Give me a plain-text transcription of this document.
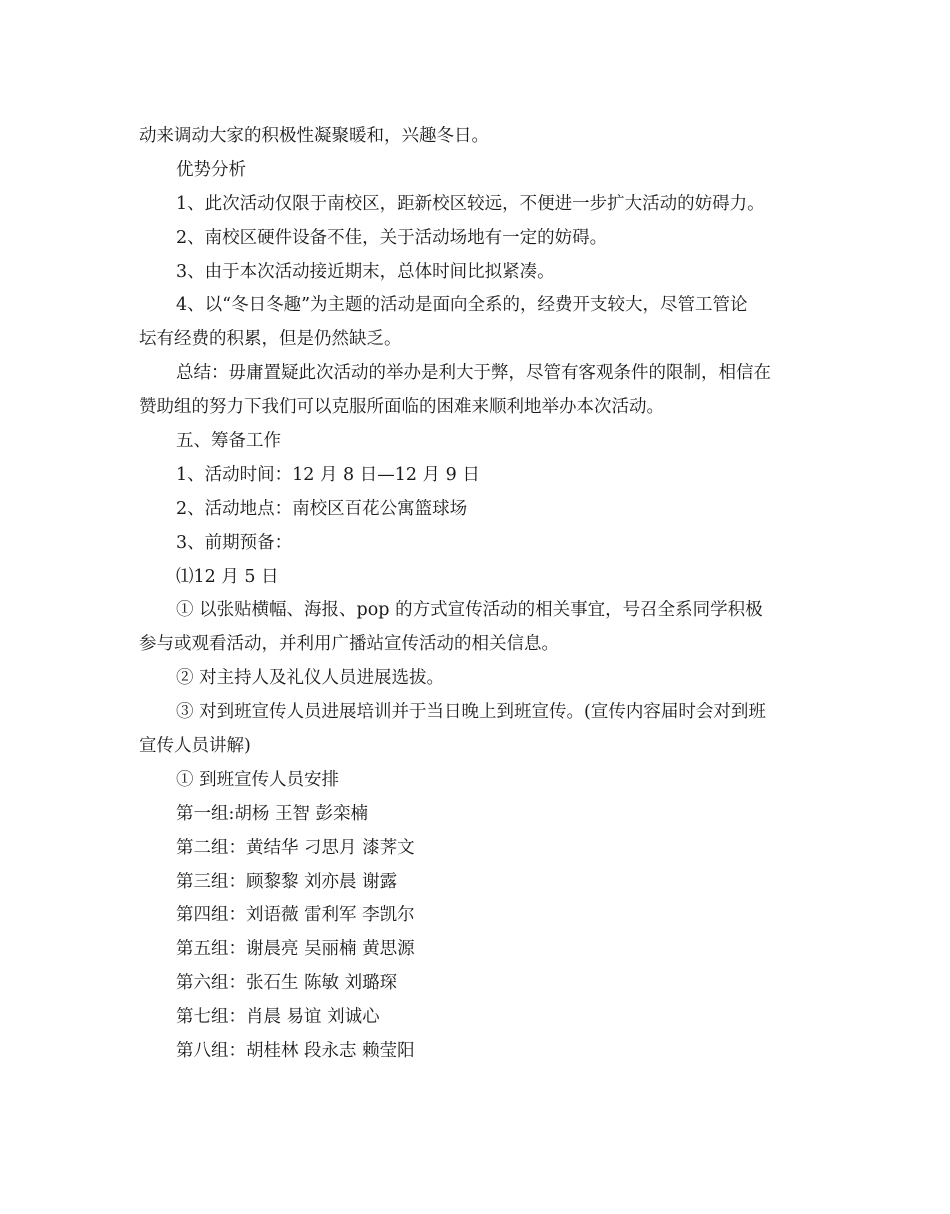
动来调动大家的积极性凝聚暖和，兴趣冬日。
优势分析
1、此次活动仅限于南校区，距新校区较远，不便进一步扩大活动的妨碍力。
2、南校区硬件设备不佳，关于活动场地有一定的妨碍。
3、由于本次活动接近期末，总体时间比拟紧凑。
4、以“冬日冬趣”为主题的活动是面向全系的，经费开支较大，尽管工管论
坛有经费的积累，但是仍然缺乏。
总结：毋庸置疑此次活动的举办是利大于弊，尽管有客观条件的限制，相信在
赞助组的努力下我们可以克服所面临的困难来顺利地举办本次活动。
五、筹备工作
1、活动时间：12 月 8 日—12 月 9 日
2、活动地点：南校区百花公寓篮球场
3、前期预备：
⑴12 月 5 日
① 以张贴横幅、海报、pop 的方式宣传活动的相关事宜，号召全系同学积极
参与或观看活动，并利用广播站宣传活动的相关信息。
② 对主持人及礼仪人员进展选拔。
③ 对到班宣传人员进展培训并于当日晚上到班宣传。(宣传内容届时会对到班
宣传人员讲解)
① 到班宣传人员安排
第一组:胡杨 王智 彭栾楠
第二组：黄结华 刁思月 漆荠文
第三组：顾黎黎 刘亦晨 谢露
第四组：刘语薇 雷利军 李凯尔
第五组：谢晨亮 吴丽楠 黄思源
第六组：张石生 陈敏 刘璐琛
第七组：肖晨 易谊 刘诚心
第八组：胡桂林 段永志 赖莹阳
